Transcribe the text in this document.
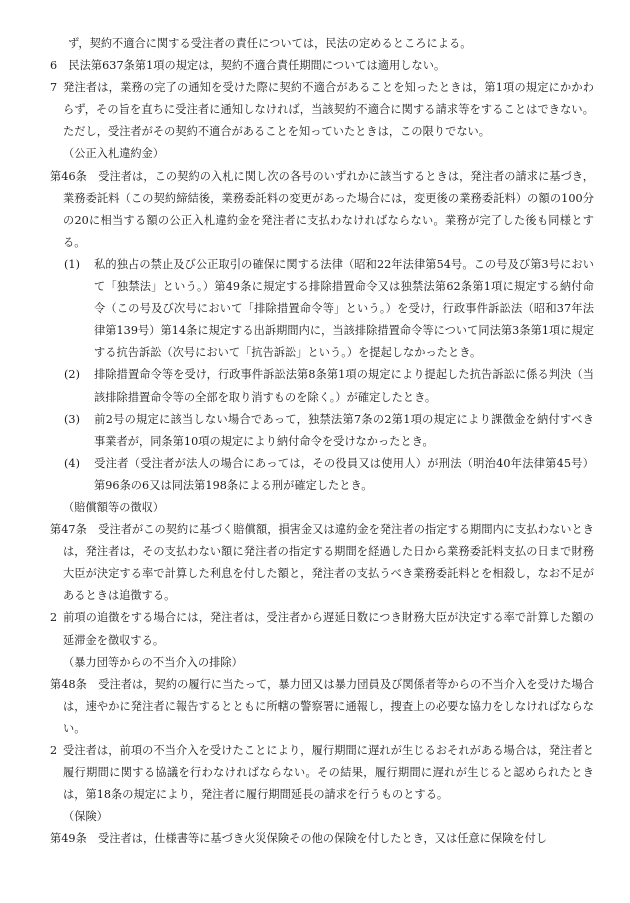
ず，契約不適合に関する受注者の責任については，民法の定めるところによる。

6　民法第637条第1項の規定は，契約不適合責任期間については適用しない。

7 発注者は，業務の完了の通知を受けた際に契約不適合があることを知ったときは，第1項の規定にかかわらず，その旨を直ちに受注者に通知しなければ，当該契約不適合に関する請求等をすることはできない。ただし，受注者がその契約不適合があることを知っていたときは，この限りでない。

（公正入札違約金）

第46条　受注者は，この契約の入札に関し次の各号のいずれかに該当するときは，発注者の請求に基づき，業務委託料（この契約締結後，業務委託料の変更があった場合には，変更後の業務委託料）の額の100分の20に相当する額の公正入札違約金を発注者に支払わなければならない。業務が完了した後も同様とする。

(1) 私的独占の禁止及び公正取引の確保に関する法律（昭和22年法律第54号。この号及び第3号において「独禁法」という。）第49条に規定する排除措置命令又は独禁法第62条第1項に規定する納付命令（この号及び次号において「排除措置命令等」という。）を受け，行政事件訴訟法（昭和37年法律第139号）第14条に規定する出訴期間内に，当該排除措置命令等について同法第3条第1項に規定する抗告訴訟（次号において「抗告訴訟」という。）を提起しなかったとき。

(2) 排除措置命令等を受け，行政事件訴訟法第8条第1項の規定により提起した抗告訴訟に係る判決（当該排除措置命令等の全部を取り消すものを除く。）が確定したとき。

(3) 前2号の規定に該当しない場合であって，独禁法第7条の2第1項の規定により課徴金を納付すべき事業者が，同条第10項の規定により納付命令を受けなかったとき。

(4) 受注者（受注者が法人の場合にあっては，その役員又は使用人）が刑法（明治40年法律第45号）第96条の6又は同法第198条による刑が確定したとき。

（賠償額等の徴収）

第47条　受注者がこの契約に基づく賠償額，損害金又は違約金を発注者の指定する期間内に支払わないときは，発注者は，その支払わない額に発注者の指定する期間を経過した日から業務委託料支払の日まで財務大臣が決定する率で計算した利息を付した額と，発注者の支払うべき業務委託料とを相殺し，なお不足があるときは追徴する。

2 前項の追徴をする場合には，発注者は，受注者から遅延日数につき財務大臣が決定する率で計算した額の延滞金を徴収する。

（暴力団等からの不当介入の排除）

第48条　受注者は，契約の履行に当たって，暴力団又は暴力団員及び関係者等からの不当介入を受けた場合は，速やかに発注者に報告するとともに所轄の警察署に通報し，捜査上の必要な協力をしなければならない。

2 受注者は，前項の不当介入を受けたことにより，履行期間に遅れが生じるおそれがある場合は，発注者と履行期間に関する協議を行わなければならない。その結果，履行期間に遅れが生じると認められたときは，第18条の規定により，発注者に履行期間延長の請求を行うものとする。

（保険）

第49条　受注者は，仕様書等に基づき火災保険その他の保険を付したとき，又は任意に保険を付し
